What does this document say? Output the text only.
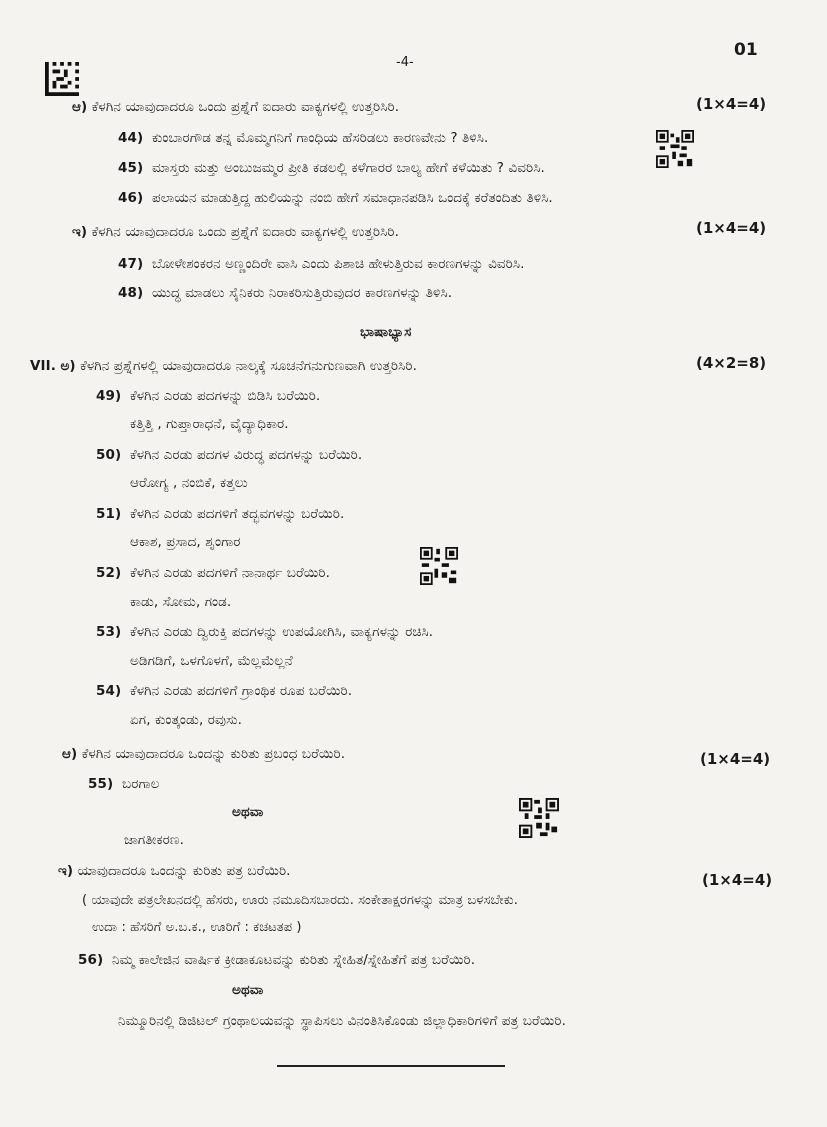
01
-4-
ಆ) ಕೆಳಗಿನ ಯಾವುದಾದರೂ ಒಂದು ಪ್ರಶ್ನೆಗೆ ಐದಾರು ವಾಕ್ಯಗಳಲ್ಲಿ ಉತ್ತರಿಸಿರಿ.	(1×4=4)
44) ಕುಂಬಾರಗೌಡ ತನ್ನ ಮೊಮ್ಮಗನಿಗೆ ಗಾಂಧಿಯ ಹೆಸರಿಡಲು ಕಾರಣವೇನು ? ತಿಳಿಸಿ.
45) ಮಾಸ್ತರು ಮತ್ತು ಅಂಬುಜಮ್ಮರ ಪ್ರೀತಿ ಕಡಲಲ್ಲಿ ಕಳೆಗಾರರ ಬಾಲ್ಯ ಹೇಗೆ ಕಳೆಯಿತು ? ವಿವರಿಸಿ.
46) ಪಲಾಯನ ಮಾಡುತ್ತಿದ್ದ ಹುಲಿಯನ್ನು ನಂಬಿ ಹೇಗೆ ಸಮಾಧಾನಪಡಿಸಿ ಒಂದಕ್ಕೆ ಕರೆತಂದಿತು ತಿಳಿಸಿ.
ಇ) ಕೆಳಗಿನ ಯಾವುದಾದರೂ ಒಂದು ಪ್ರಶ್ನೆಗೆ ಐದಾರು ವಾಕ್ಯಗಳಲ್ಲಿ ಉತ್ತರಿಸಿರಿ.	(1×4=4)
47) ಬೋಳೇಶಂಕರನ ಅಣ್ಣಂದಿರೇ ವಾಸಿ ಎಂದು ಪಿಶಾಚಿ ಹೇಳುತ್ತಿರುವ ಕಾರಣಗಳನ್ನು ವಿವರಿಸಿ.
48) ಯುದ್ಧ ಮಾಡಲು ಸೈನಿಕರು ನಿರಾಕರಿಸುತ್ತಿರುವುದರ ಕಾರಣಗಳನ್ನು ತಿಳಿಸಿ.
ಭಾಷಾಭ್ಯಾಸ
VII. ಅ) ಕೆಳಗಿನ ಪ್ರಶ್ನೆಗಳಲ್ಲಿ ಯಾವುದಾದರೂ ನಾಲ್ಕಕ್ಕೆ ಸೂಚನೆಗನುಗುಣವಾಗಿ ಉತ್ತರಿಸಿರಿ.	(4×2=8)
49) ಕೆಳಗಿನ ಎರಡು ಪದಗಳನ್ನು ಬಿಡಿಸಿ ಬರೆಯಿರಿ.
ಕತ್ತಿತ್ತಿ , ಗುಪ್ತಾರಾಧನೆ, ವೈದ್ಯಾಧಿಕಾರ.
50) ಕೆಳಗಿನ ಎರಡು ಪದಗಳ ವಿರುದ್ಧ ಪದಗಳನ್ನು ಬರೆಯಿರಿ.
ಆರೋಗ್ಯ , ನಂಬಿಕೆ, ಕತ್ತಲು
51) ಕೆಳಗಿನ ಎರಡು ಪದಗಳಿಗೆ ತದ್ಭವಗಳನ್ನು ಬರೆಯಿರಿ.
ಆಕಾಶ, ಪ್ರಸಾದ, ಶೃಂಗಾರ
52) ಕೆಳಗಿನ ಎರಡು ಪದಗಳಿಗೆ ನಾನಾರ್ಥ ಬರೆಯಿರಿ.
ಕಾಡು, ಸೋಮ, ಗಂಡ.
53) ಕೆಳಗಿನ ಎರಡು ದ್ವಿರುಕ್ತಿ ಪದಗಳನ್ನು ಉಪಯೋಗಿಸಿ, ವಾಕ್ಯಗಳನ್ನು ರಚಿಸಿ.
ಅಡಿಗಡಿಗೆ, ಒಳಗೊಳಗೆ, ಮೆಲ್ಲಮೆಲ್ಲನೆ
54) ಕೆಳಗಿನ ಎರಡು ಪದಗಳಿಗೆ ಗ್ರಾಂಥಿಕ ರೂಪ ಬರೆಯಿರಿ.
ಏಗ, ಕುಂತ್ಕಂಡು, ರವುಸು.
ಆ) ಕೆಳಗಿನ ಯಾವುದಾದರೂ ಒಂದನ್ನು ಕುರಿತು ಪ್ರಬಂಧ ಬರೆಯಿರಿ.	(1×4=4)
55) ಬರಗಾಲ
ಅಥವಾ
ಜಾಗತೀಕರಣ.
ಇ) ಯಾವುದಾದರೂ ಒಂದನ್ನು ಕುರಿತು ಪತ್ರ ಬರೆಯಿರಿ.	(1×4=4)
( ಯಾವುದೇ ಪತ್ರಲೇಖನದಲ್ಲಿ ಹೆಸರು, ಊರು ನಮೂದಿಸಬಾರದು. ಸಂಕೇತಾಕ್ಷರಗಳನ್ನು ಮಾತ್ರ ಬಳಸಬೇಕು.
ಉದಾ : ಹೆಸರಿಗೆ ಅ.ಬ.ಕ., ಊರಿಗೆ : ಕಚಟತಪ )
56) ನಿಮ್ಮ ಕಾಲೇಜಿನ ವಾರ್ಷಿಕ ಕ್ರೀಡಾಕೂಟವನ್ನು ಕುರಿತು ಸ್ನೇಹಿತ/ಸ್ನೇಹಿತೆಗೆ ಪತ್ರ ಬರೆಯಿರಿ.
ಅಥವಾ
ನಿಮ್ಮೂರಿನಲ್ಲಿ ಡಿಜಿಟಲ್ ಗ್ರಂಥಾಲಯವನ್ನು ಸ್ಥಾಪಿಸಲು ವಿನಂತಿಸಿಕೊಂಡು ಜಿಲ್ಲಾಧಿಕಾರಿಗಳಿಗೆ ಪತ್ರ ಬರೆಯಿರಿ.
